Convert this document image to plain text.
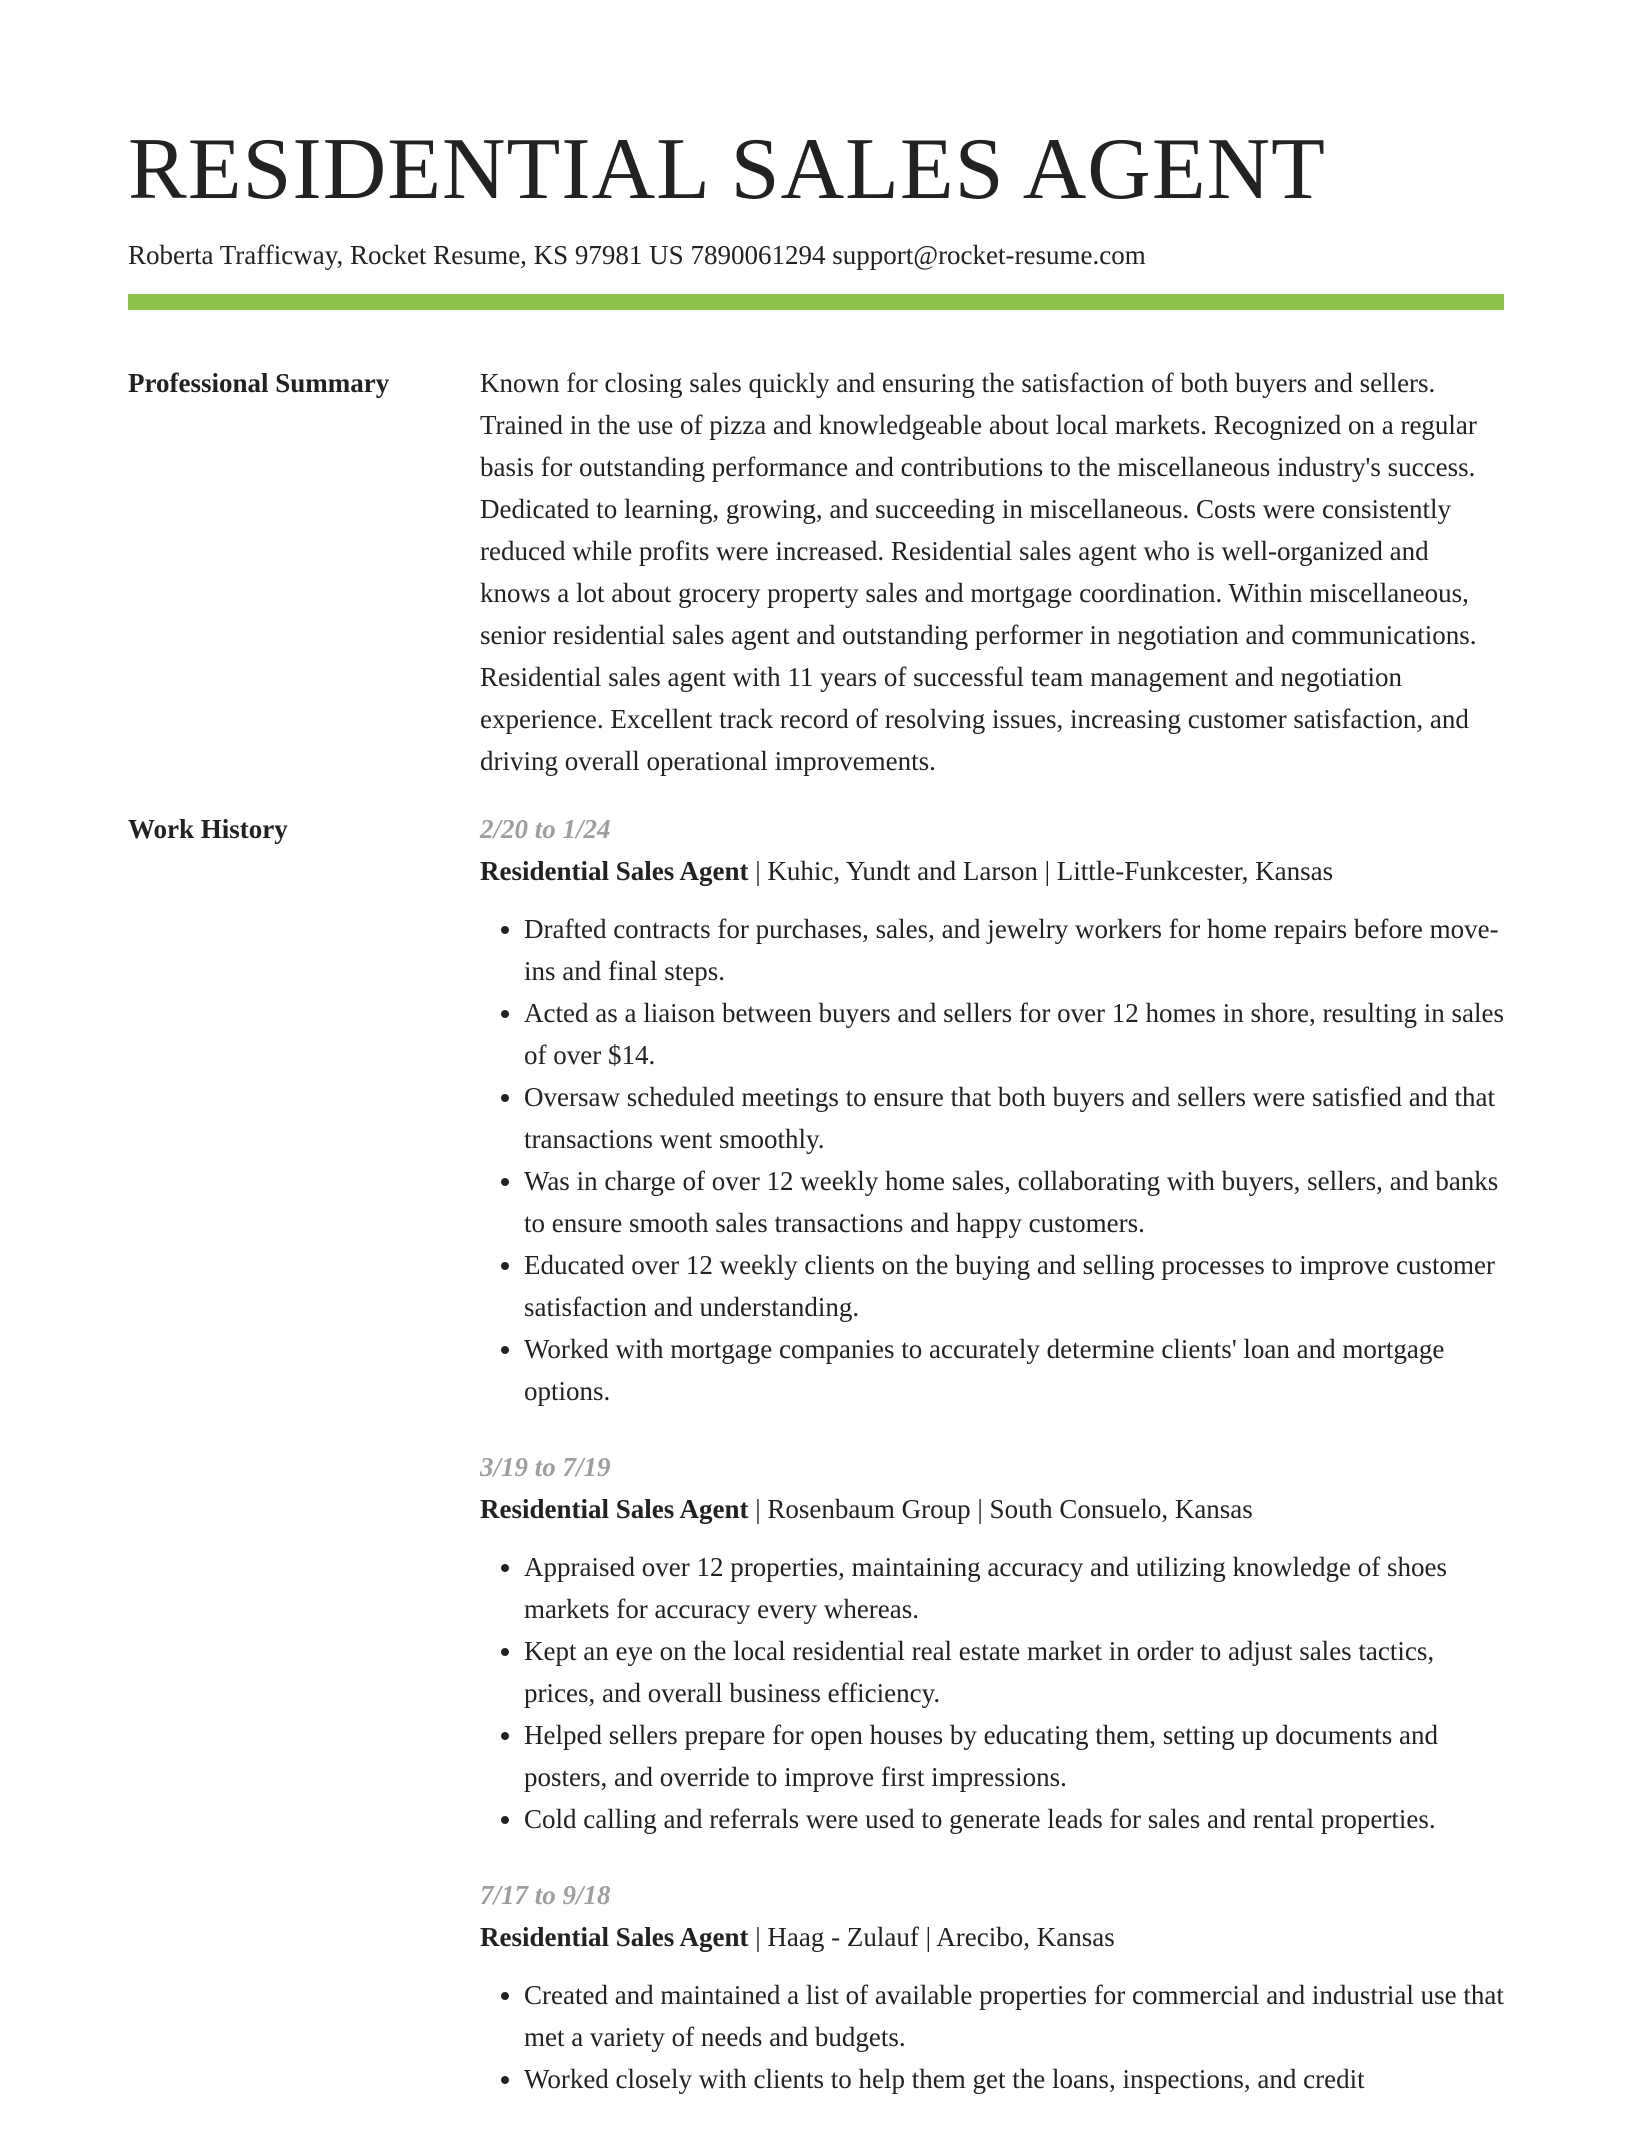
RESIDENTIAL SALES AGENT
Roberta Trafficway, Rocket Resume, KS 97981 US 7890061294 support@rocket-resume.com
Professional Summary	Known for closing sales quickly and ensuring the satisfaction of both buyers and sellers. Trained in the use of pizza and knowledgeable about local markets. Recognized on a regular basis for outstanding performance and contributions to the miscellaneous industry's success. Dedicated to learning, growing, and succeeding in miscellaneous. Costs were consistently reduced while profits were increased. Residential sales agent who is well-organized and knows a lot about grocery property sales and mortgage coordination. Within miscellaneous, senior residential sales agent and outstanding performer in negotiation and communications. Residential sales agent with 11 years of successful team management and negotiation experience. Excellent track record of resolving issues, increasing customer satisfaction, and driving overall operational improvements.

Work History	2/20 to 1/24
Residential Sales Agent | Kuhic, Yundt and Larson | Little-Funkcester, Kansas
• Drafted contracts for purchases, sales, and jewelry workers for home repairs before move-ins and final steps.
• Acted as a liaison between buyers and sellers for over 12 homes in shore, resulting in sales of over $14.
• Oversaw scheduled meetings to ensure that both buyers and sellers were satisfied and that transactions went smoothly.
• Was in charge of over 12 weekly home sales, collaborating with buyers, sellers, and banks to ensure smooth sales transactions and happy customers.
• Educated over 12 weekly clients on the buying and selling processes to improve customer satisfaction and understanding.
• Worked with mortgage companies to accurately determine clients' loan and mortgage options.
3/19 to 7/19
Residential Sales Agent | Rosenbaum Group | South Consuelo, Kansas
• Appraised over 12 properties, maintaining accuracy and utilizing knowledge of shoes markets for accuracy every whereas.
• Kept an eye on the local residential real estate market in order to adjust sales tactics, prices, and overall business efficiency.
• Helped sellers prepare for open houses by educating them, setting up documents and posters, and override to improve first impressions.
• Cold calling and referrals were used to generate leads for sales and rental properties.
7/17 to 9/18
Residential Sales Agent | Haag - Zulauf | Arecibo, Kansas
• Created and maintained a list of available properties for commercial and industrial use that met a variety of needs and budgets.
• Worked closely with clients to help them get the loans, inspections, and credit
